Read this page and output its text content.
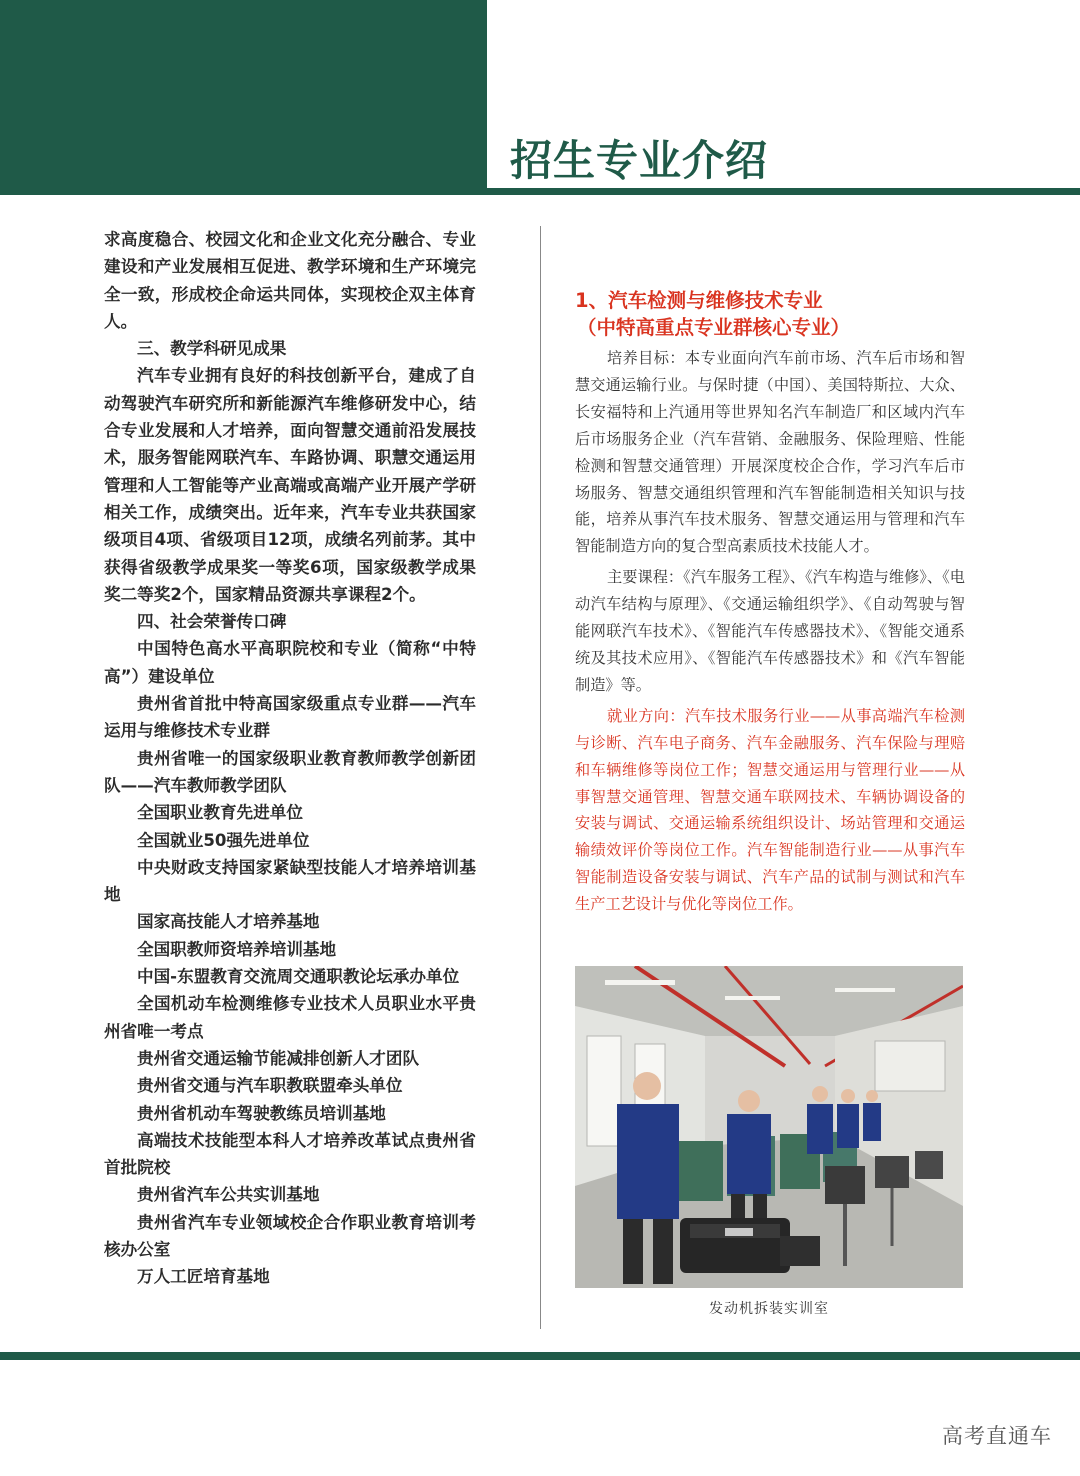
招生专业介绍

求高度稳合、校园文化和企业文化充分融合、专业建设和产业发展相互促进、教学环境和生产环境完全一致，形成校企命运共同体，实现校企双主体育人。

三、教学科研见成果

汽车专业拥有良好的科技创新平台，建成了自动驾驶汽车研究所和新能源汽车维修研发中心，结合专业发展和人才培养，面向智慧交通前沿发展技术，服务智能网联汽车、车路协调、职慧交通运用管理和人工智能等产业高端或高端产业开展产学研相关工作，成绩突出。近年来，汽车专业共获国家级项目4项、省级项目12项，成绩名列前茅。其中获得省级教学成果奖一等奖6项，国家级教学成果奖二等奖2个，国家精品资源共享课程2个。

四、社会荣誉传口碑

中国特色高水平高职院校和专业（简称“中特高”）建设单位

贵州省首批中特高国家级重点专业群——汽车运用与维修技术专业群

贵州省唯一的国家级职业教育教师教学创新团队——汽车教师教学团队

全国职业教育先进单位

全国就业50强先进单位

中央财政支持国家紧缺型技能人才培养培训基地

国家高技能人才培养基地

全国职教师资培养培训基地

中国-东盟教育交流周交通职教论坛承办单位

全国机动车检测维修专业技术人员职业水平贵州省唯一考点

贵州省交通运输节能减排创新人才团队

贵州省交通与汽车职教联盟牵头单位

贵州省机动车驾驶教练员培训基地

高端技术技能型本科人才培养改革试点贵州省首批院校

贵州省汽车公共实训基地

贵州省汽车专业领域校企合作职业教育培训考核办公室

万人工匠培育基地

1、汽车检测与维修技术专业
（中特高重点专业群核心专业）

培养目标：本专业面向汽车前市场、汽车后市场和智慧交通运输行业。与保时捷（中国）、美国特斯拉、大众、长安福特和上汽通用等世界知名汽车制造厂和区域内汽车后市场服务企业（汽车营销、金融服务、保险理赔、性能检测和智慧交通管理）开展深度校企合作，学习汽车后市场服务、智慧交通组织管理和汽车智能制造相关知识与技能，培养从事汽车技术服务、智慧交通运用与管理和汽车智能制造方向的复合型高素质技术技能人才。

主要课程：《汽车服务工程》、《汽车构造与维修》、《电动汽车结构与原理》、《交通运输组织学》、《自动驾驶与智能网联汽车技术》、《智能汽车传感器技术》、《智能交通系统及其技术应用》、《智能汽车传感器技术》和《汽车智能制造》等。

就业方向：汽车技术服务行业——从事高端汽车检测与诊断、汽车电子商务、汽车金融服务、汽车保险与理赔和车辆维修等岗位工作；智慧交通运用与管理行业——从事智慧交通管理、智慧交通车联网技术、车辆协调设备的安装与调试、交通运输系统组织设计、场站管理和交通运输绩效评价等岗位工作。汽车智能制造行业——从事汽车智能制造设备安装与调试、汽车产品的试制与测试和汽车生产工艺设计与优化等岗位工作。

发动机拆装实训室
高考直通车
